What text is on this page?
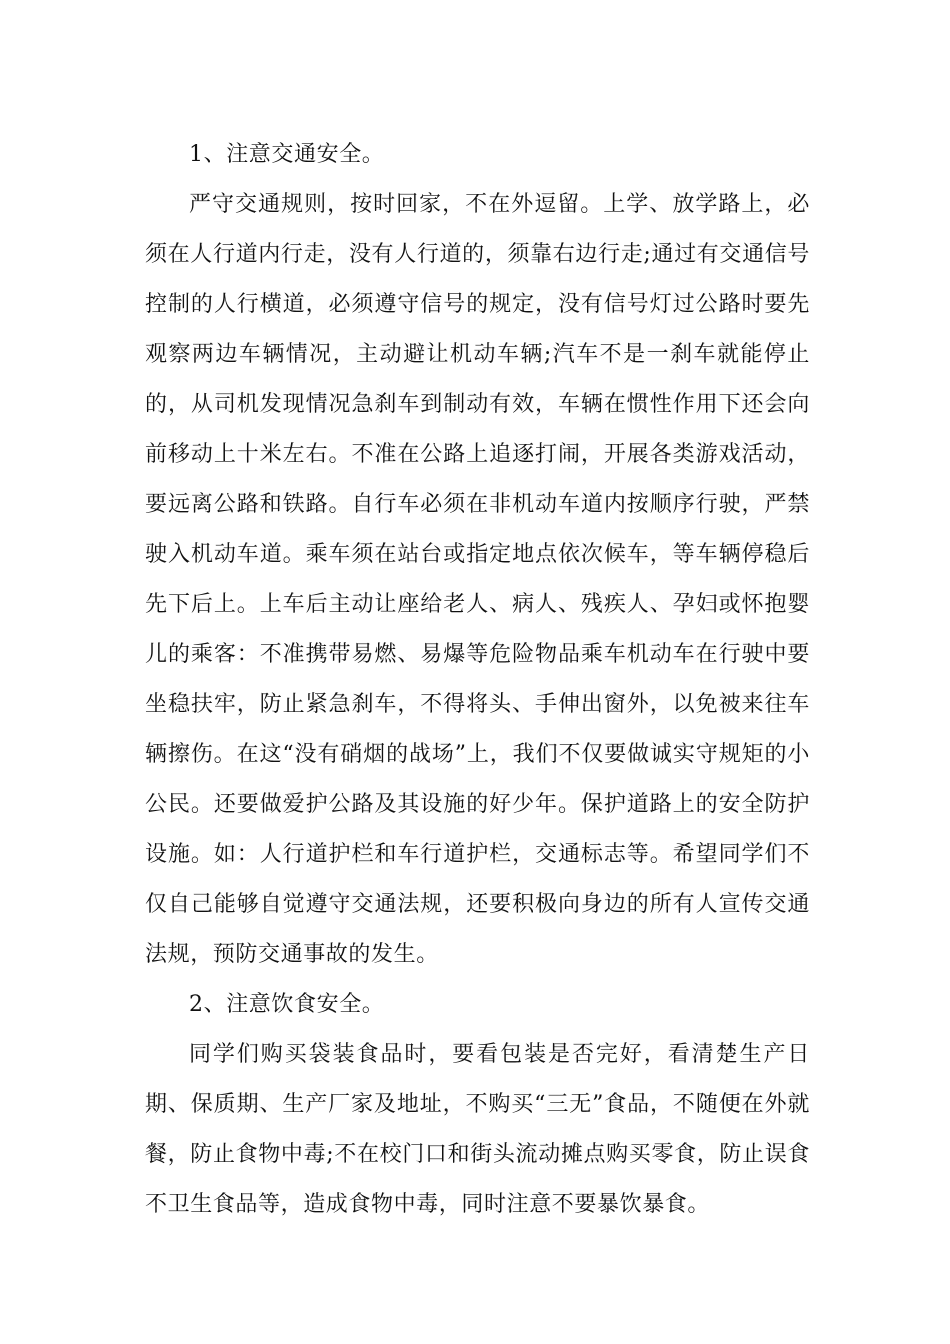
1、注意交通安全。

严守交通规则，按时回家，不在外逗留。上学、放学路上，必须在人行道内行走，没有人行道的，须靠右边行走;通过有交通信号控制的人行横道，必须遵守信号的规定，没有信号灯过公路时要先观察两边车辆情况，主动避让机动车辆;汽车不是一刹车就能停止的，从司机发现情况急刹车到制动有效，车辆在惯性作用下还会向前移动上十米左右。不准在公路上追逐打闹，开展各类游戏活动，要远离公路和铁路。自行车必须在非机动车道内按顺序行驶，严禁驶入机动车道。乘车须在站台或指定地点依次候车，等车辆停稳后先下后上。上车后主动让座给老人、病人、残疾人、孕妇或怀抱婴儿的乘客：不准携带易燃、易爆等危险物品乘车机动车在行驶中要坐稳扶牢，防止紧急刹车，不得将头、手伸出窗外，以免被来往车辆擦伤。在这“没有硝烟的战场”上，我们不仅要做诚实守规矩的小公民。还要做爱护公路及其设施的好少年。保护道路上的安全防护设施。如：人行道护栏和车行道护栏，交通标志等。希望同学们不仅自己能够自觉遵守交通法规，还要积极向身边的所有人宣传交通法规，预防交通事故的发生。

2、注意饮食安全。

同学们购买袋装食品时，要看包装是否完好，看清楚生产日期、保质期、生产厂家及地址，不购买“三无”食品，不随便在外就餐，防止食物中毒;不在校门口和街头流动摊点购买零食，防止误食不卫生食品等，造成食物中毒，同时注意不要暴饮暴食。
